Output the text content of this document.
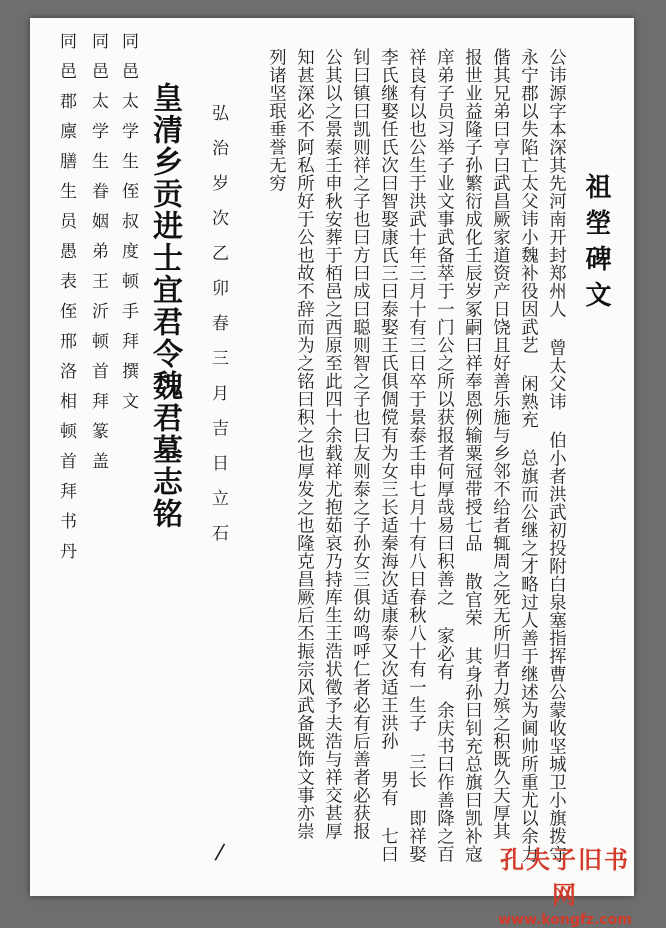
祖塋碑文
公讳源字本深其先河南开封郑州人 曾太父讳 伯小者洪武初投附白泉塞指挥曹公蒙收坚城卫小旗拨守
永宁郡以失陷亡太父讳小魏补役因武艺 闲熟充 总旗而公继之才略过人善于继述为阃帅所重尤以余力
偕其兄弟曰亨曰武昌厥家道资产日饶且好善乐施与乡邻不给者辄周之死无所归者力殡之积既久天厚其
报世业益隆子孙繁衍成化壬辰岁冢嗣曰祥奉恩例输粟冠带授七品 散官荣 其身孙曰钊充总旗曰凯补寇
庠弟子员习举子业文事武备萃于一门公之所以获报者何厚哉易曰积善之 家必有 余庆书曰作善降之百
祥良有以也公生于洪武十年三月十有三日卒于景泰壬申七月十有八日春秋八十有一生子 三长 即祥娶
李氏继娶任氏次曰智娶康氏三曰泰娶王氏俱倜傥有为女三长适秦海次适康泰又次适王洪孙 男有 七曰
钊曰镇曰凯则祥之子也曰方曰成曰聪则智之子也曰友则泰之子孙女三俱幼鸣呼仁者必有后善者必获报
公其以之景泰壬申秋安葬于栢邑之西原至此四十余载祥尤抱茹哀乃持库生王浩状徵予夫浩与祥交甚厚
知甚深必不阿私所好于公也故不辞而为之铭曰积之也厚发之也隆克昌厥后丕振宗风武备既饰文事亦崇
列诸坚珉垂誉无穷
弘治岁次乙卯春三月吉日立石
皇清乡贡进士宜君令魏君墓志铭
同邑太学生侄叔度顿手拜撰文
同邑太学生眷姻弟王沂顿首拜篆盖
同邑郡廪膳生员愚表侄邢洛相顿首拜书丹
/	孔夫子旧书网
www.kongfz.com
